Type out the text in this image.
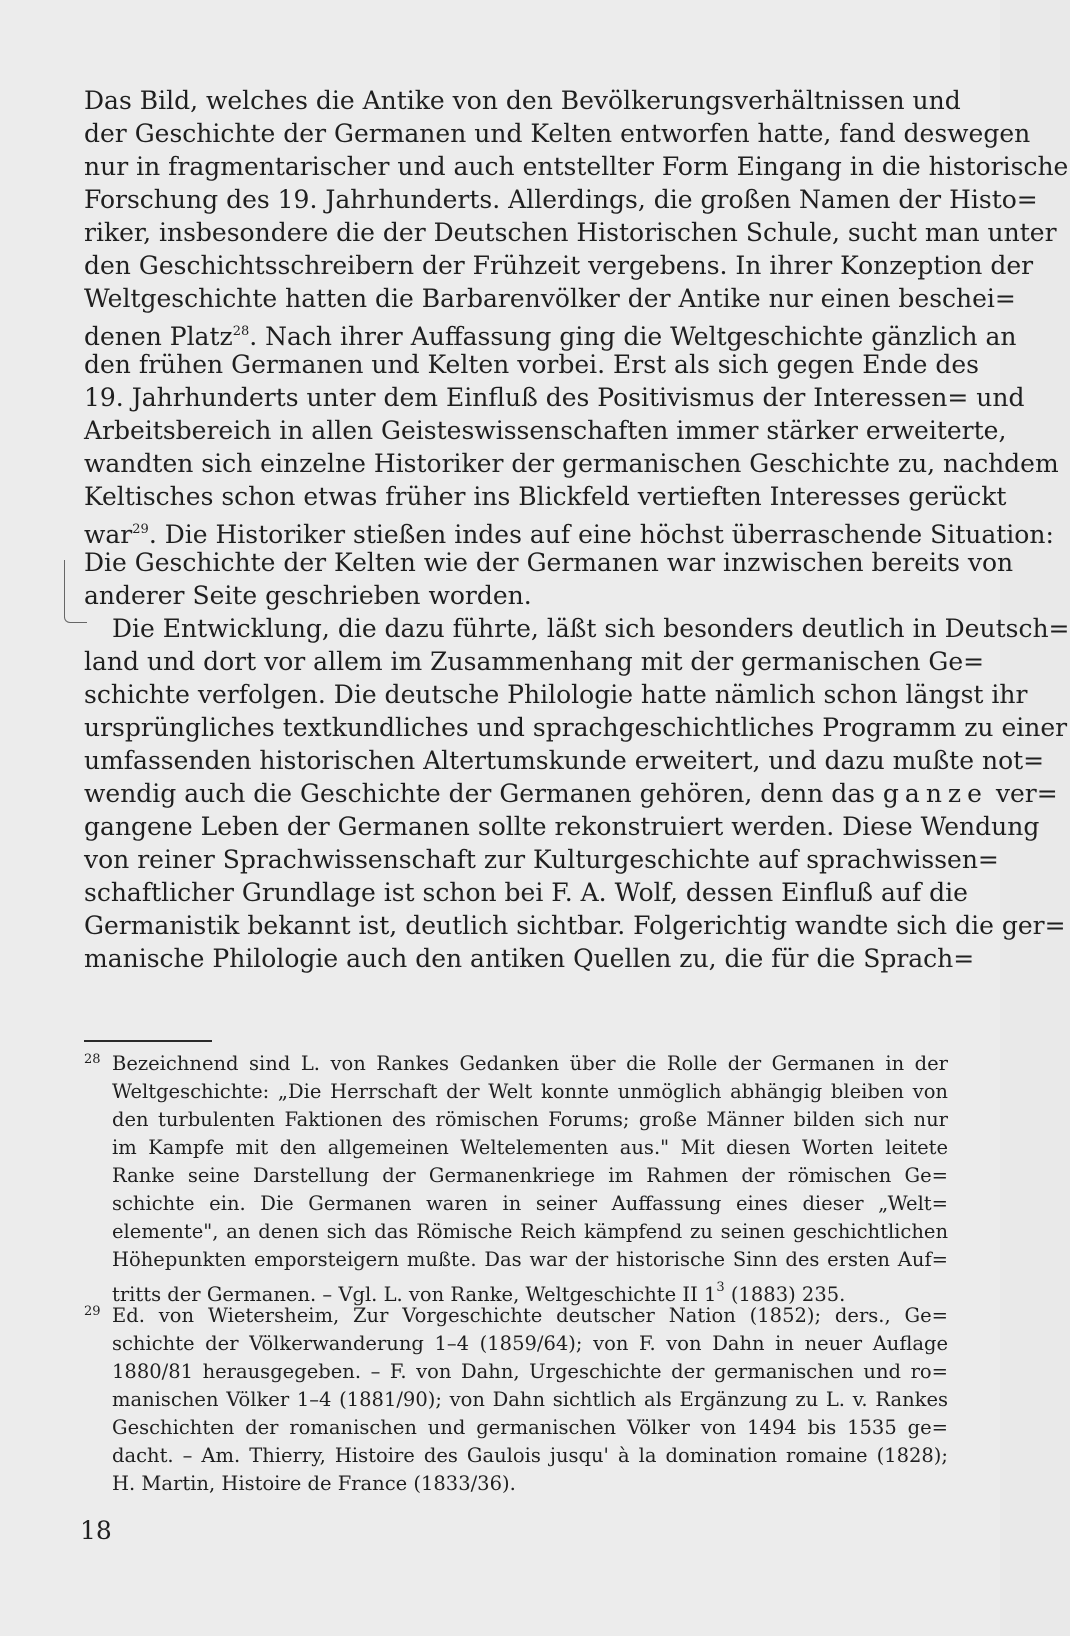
Das Bild, welches die Antike von den Bevölkerungsverhältnissen und
der Geschichte der Germanen und Kelten entworfen hatte, fand deswegen
nur in fragmentarischer und auch entstellter Form Eingang in die historische
Forschung des 19. Jahrhunderts. Allerdings, die großen Namen der Histo=
riker, insbesondere die der Deutschen Historischen Schule, sucht man unter
den Geschichtsschreibern der Frühzeit vergebens. In ihrer Konzeption der
Weltgeschichte hatten die Barbarenvölker der Antike nur einen beschei=
denen Platz$^{28}$. Nach ihrer Auffassung ging die Weltgeschichte gänzlich an
den frühen Germanen und Kelten vorbei. Erst als sich gegen Ende des
19. Jahrhunderts unter dem Einfluß des Positivismus der Interessen= und
Arbeitsbereich in allen Geisteswissenschaften immer stärker erweiterte,
wandten sich einzelne Historiker der germanischen Geschichte zu, nachdem
Keltisches schon etwas früher ins Blickfeld vertieften Interesses gerückt
war$^{29}$. Die Historiker stießen indes auf eine höchst überraschende Situation:
Die Geschichte der Kelten wie der Germanen war inzwischen bereits von
anderer Seite geschrieben worden.
Die Entwicklung, die dazu führte, läßt sich besonders deutlich in Deutsch=
land und dort vor allem im Zusammenhang mit der germanischen Ge=
schichte verfolgen. Die deutsche Philologie hatte nämlich schon längst ihr
ursprüngliches textkundliches und sprachgeschichtliches Programm zu einer
umfassenden historischen Altertumskunde erweitert, und dazu mußte not=
wendig auch die Geschichte der Germanen gehören, denn das ganze ver=
gangene Leben der Germanen sollte rekonstruiert werden. Diese Wendung
von reiner Sprachwissenschaft zur Kulturgeschichte auf sprachwissen=
schaftlicher Grundlage ist schon bei F. A. Wolf, dessen Einfluß auf die
Germanistik bekannt ist, deutlich sichtbar. Folgerichtig wandte sich die ger=
manische Philologie auch den antiken Quellen zu, die für die Sprach=
28 Bezeichnend sind L. von Rankes Gedanken über die Rolle der Germanen in der
Weltgeschichte: „Die Herrschaft der Welt konnte unmöglich abhängig bleiben von
den turbulenten Faktionen des römischen Forums; große Männer bilden sich nur
im Kampfe mit den allgemeinen Weltelementen aus." Mit diesen Worten leitete
Ranke seine Darstellung der Germanenkriege im Rahmen der römischen Ge=
schichte ein. Die Germanen waren in seiner Auffassung eines dieser „Welt=
elemente", an denen sich das Römische Reich kämpfend zu seinen geschichtlichen
Höhepunkten emporsteigern mußte. Das war der historische Sinn des ersten Auf=
tritts der Germanen. – Vgl. L. von Ranke, Weltgeschichte II $1^3$ (1883) 235.
29 Ed. von Wietersheim, Zur Vorgeschichte deutscher Nation (1852); ders., Ge=
schichte der Völkerwanderung 1–4 (1859/64); von F. von Dahn in neuer Auflage
1880/81 herausgegeben. – F. von Dahn, Urgeschichte der germanischen und ro=
manischen Völker 1–4 (1881/90); von Dahn sichtlich als Ergänzung zu L. v. Rankes
Geschichten der romanischen und germanischen Völker von 1494 bis 1535 ge=
dacht. – Am. Thierry, Histoire des Gaulois jusqu' à la domination romaine (1828);
H. Martin, Histoire de France (1833/36).
18
